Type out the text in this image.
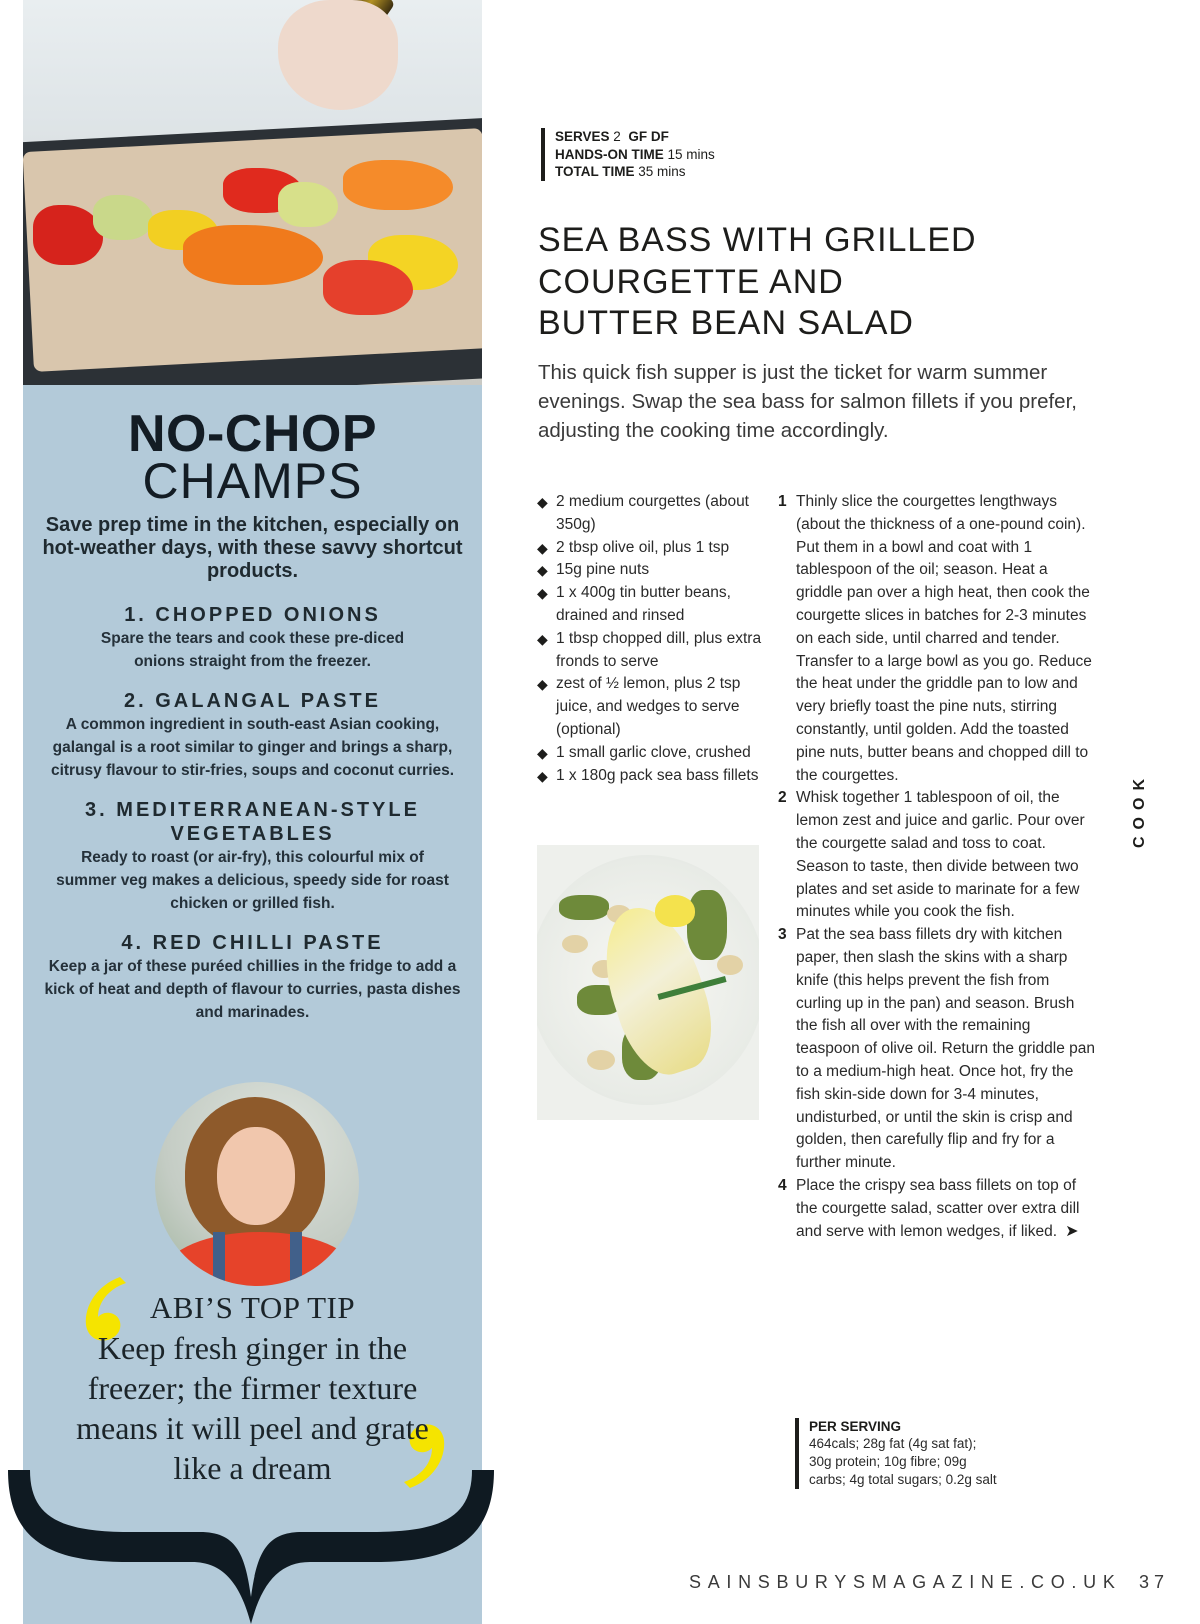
NO-CHOP
CHAMPS
Save prep time in the kitchen, especially on hot-weather days, with these savvy shortcut products.
1. CHOPPED ONIONS

Spare the tears and cook these pre-diced onions straight from the freezer.

2. GALANGAL PASTE

A common ingredient in south-east Asian cooking, galangal is a root similar to ginger and brings a sharp, citrusy flavour to stir-fries, soups and coconut curries.

3. MEDITERRANEAN-STYLE VEGETABLES

Ready to roast (or air-fry), this colourful mix of summer veg makes a delicious, speedy side for roast chicken or grilled fish.

4. RED CHILLI PASTE

Keep a jar of these puréed chillies in the fridge to add a kick of heat and depth of flavour to curries, pasta dishes and marinades.

ABI’S TOP TIP
Keep fresh ginger in the freezer; the firmer texture means it will peel and grate like a dream
SERVES 2 GF DF
HANDS-ON TIME 15 mins
TOTAL TIME 35 mins
SEA BASS WITH GRILLED
COURGETTE AND
BUTTER BEAN SALAD

This quick fish supper is just the ticket for warm summer evenings. Swap the sea bass for salmon fillets if you prefer, adjusting the cooking time accordingly.

◆ 2 medium courgettes (about 350g)
◆ 2 tbsp olive oil, plus 1 tsp
◆ 15g pine nuts
◆ 1 x 400g tin butter beans, drained and rinsed
◆ 1 tbsp chopped dill, plus extra fronds to serve
◆ zest of ½ lemon, plus 2 tsp juice, and wedges to serve (optional)
◆ 1 small garlic clove, crushed
◆ 1 x 180g pack sea bass fillets
1 Thinly slice the courgettes lengthways (about the thickness of a one-pound coin). Put them in a bowl and coat with 1 tablespoon of the oil; season. Heat a griddle pan over a high heat, then cook the courgette slices in batches for 2-3 minutes on each side, until charred and tender. Transfer to a large bowl as you go. Reduce the heat under the griddle pan to low and very briefly toast the pine nuts, stirring constantly, until golden. Add the toasted pine nuts, butter beans and chopped dill to the courgettes.
2 Whisk together 1 tablespoon of oil, the lemon zest and juice and garlic. Pour over the courgette salad and toss to coat. Season to taste, then divide between two plates and set aside to marinate for a few minutes while you cook the fish.
3 Pat the sea bass fillets dry with kitchen paper, then slash the skins with a sharp knife (this helps prevent the fish from curling up in the pan) and season. Brush the fish all over with the remaining teaspoon of olive oil. Return the griddle pan to a medium-high heat. Once hot, fry the fish skin-side down for 3-4 minutes, undisturbed, or until the skin is crisp and golden, then carefully flip and fry for a further minute.
4 Place the crispy sea bass fillets on top of the courgette salad, scatter over extra dill and serve with lemon wedges, if liked. ➤
COOK
PER SERVING
464cals; 28g fat (4g sat fat);
30g protein; 10g fibre; 09g
carbs; 4g total sugars; 0.2g salt
SAINSBURYSMAGAZINE.CO.UK 37
